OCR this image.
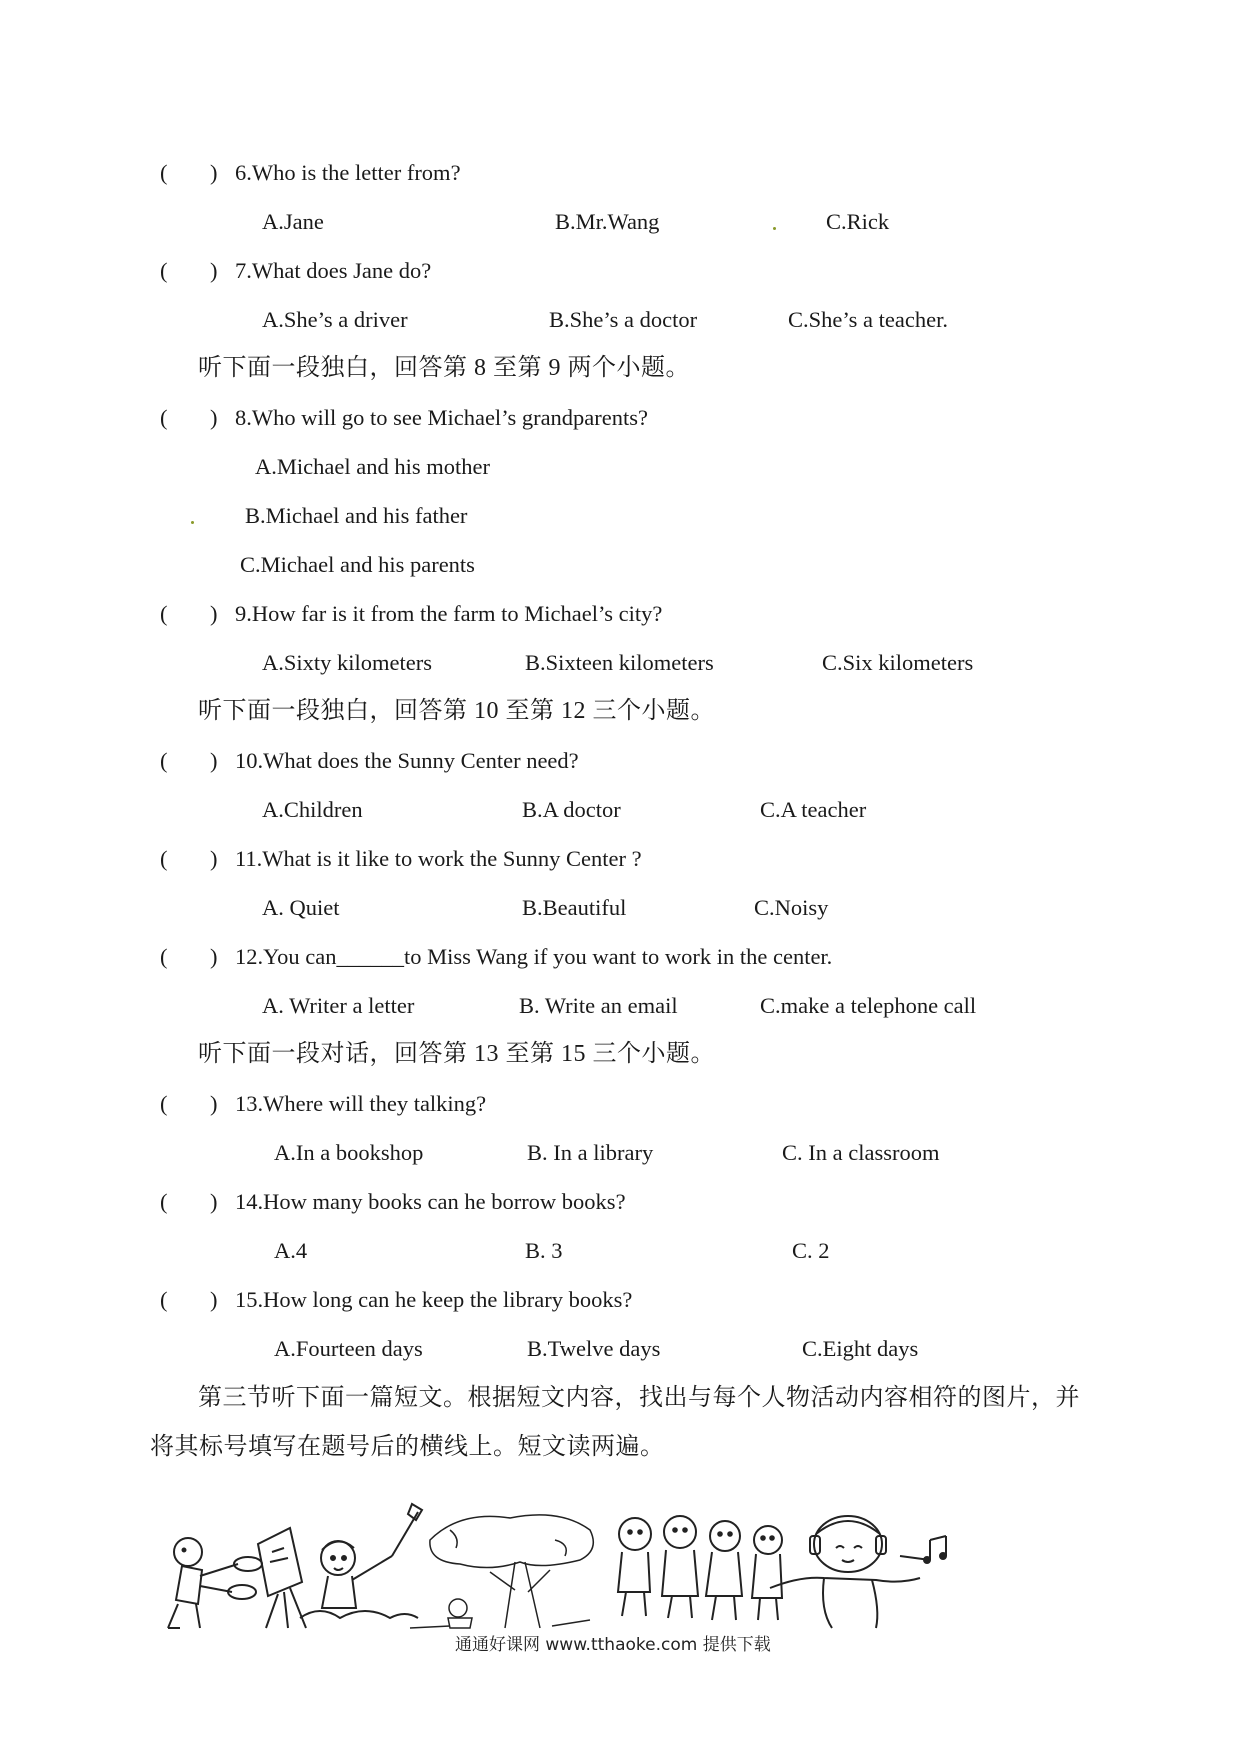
( ) 6.Who is the letter from?
A.Jane	B.Mr.Wang	C.Rick
( ) 7.What does Jane do?
A.She’s a driver	B.She’s a doctor	C.She’s a teacher.
听下面一段独白，回答第 8 至第 9 两个小题。
( ) 8.Who will go to see Michael’s grandparents?
A.Michael and his mother
B.Michael and his father
C.Michael and his parents
( ) 9.How far is it from the farm to Michael’s city?
A.Sixty kilometers	B.Sixteen kilometers	C.Six kilometers
听下面一段独白，回答第 10 至第 12 三个小题。
( ) 10.What does the Sunny Center need?
A.Children	B.A doctor	C.A teacher
( ) 11.What is it like to work the Sunny Center ?
A. Quiet	B.Beautiful	C.Noisy
( ) 12.You can______to Miss Wang if you want to work in the center.
A. Writer a letter	B. Write an email	C.make a telephone call
听下面一段对话，回答第 13 至第 15 三个小题。
( ) 13.Where will they talking?
A.In a bookshop	B. In a library	C. In a classroom
( ) 14.How many books can he borrow books?
A.4	B. 3	C. 2
( ) 15.How long can he keep the library books?
A.Fourteen days	B.Twelve days	C.Eight days
第三节听下面一篇短文。根据短文内容，找出与每个人物活动内容相符的图片，并
将其标号填写在题号后的横线上。短文读两遍。
通通好课网 www.tthaoke.com 提供下载
